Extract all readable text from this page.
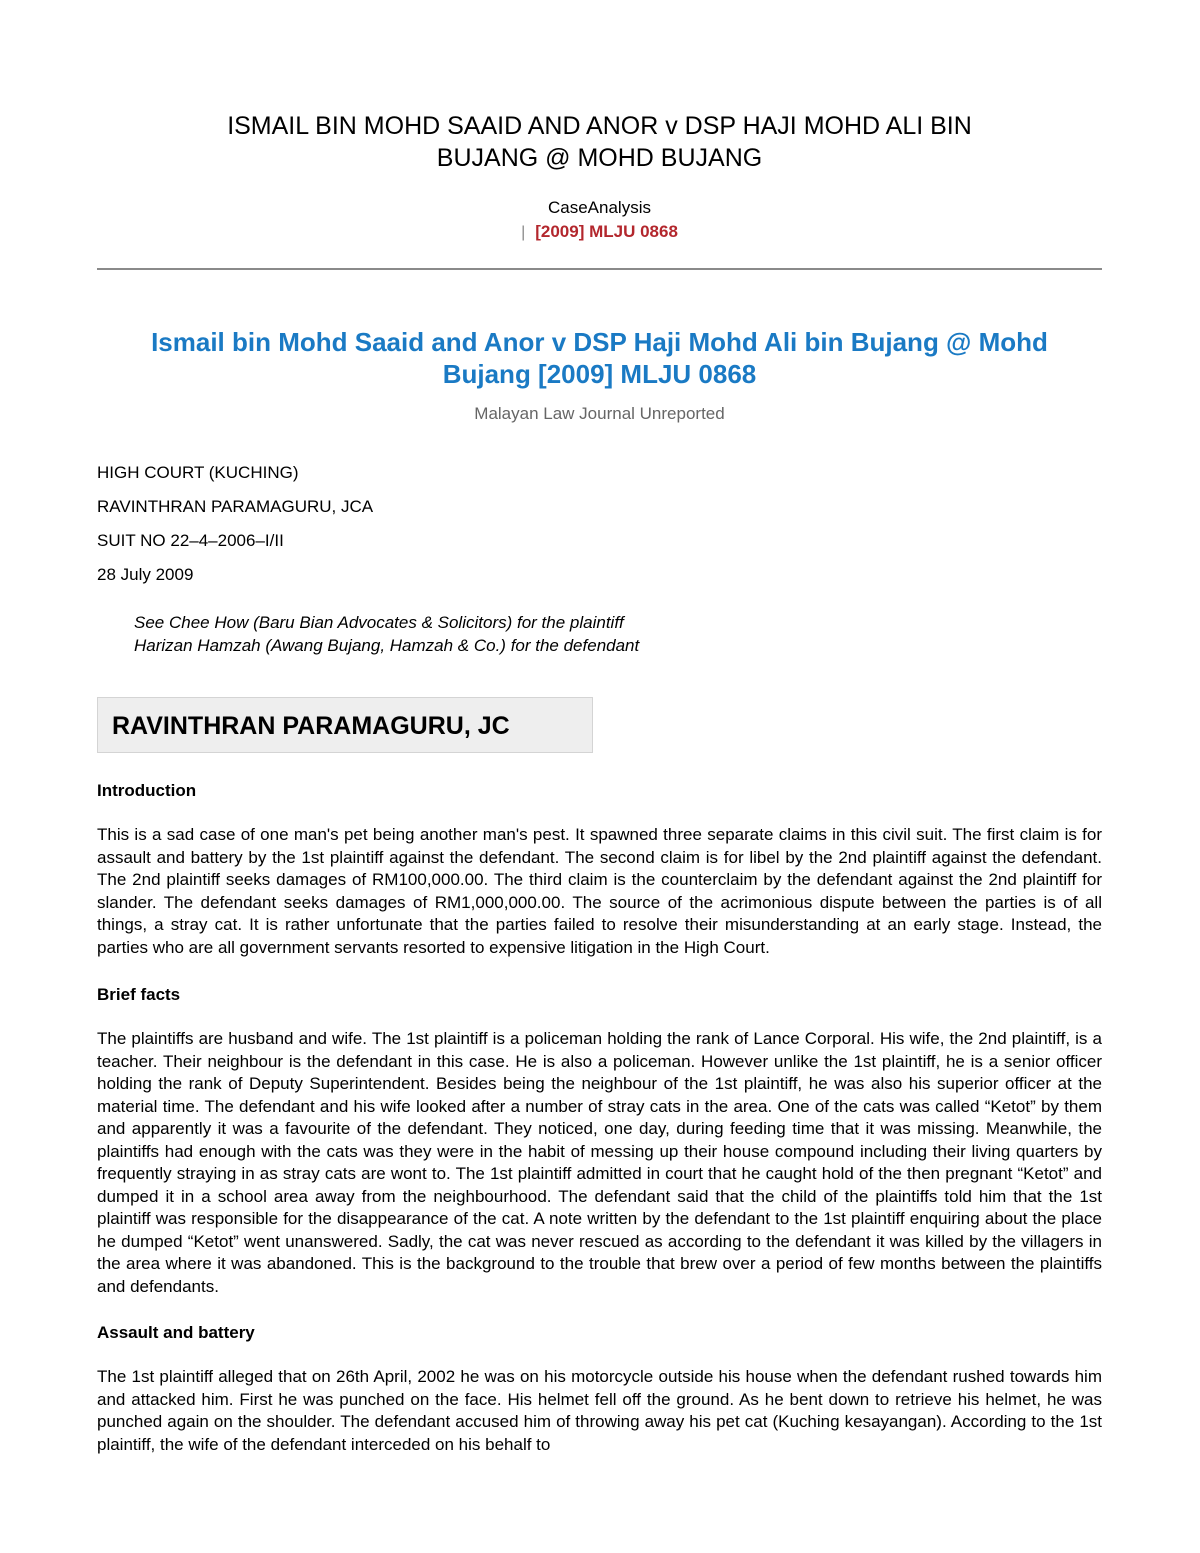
ISMAIL BIN MOHD SAAID AND ANOR v DSP HAJI MOHD ALI BIN
BUJANG @ MOHD BUJANG
CaseAnalysis
| [2009] MLJU 0868
Ismail bin Mohd Saaid and Anor v DSP Haji Mohd Ali bin Bujang @ Mohd
Bujang [2009] MLJU 0868
Malayan Law Journal Unreported
HIGH COURT (KUCHING)
RAVINTHRAN PARAMAGURU, JCA
SUIT NO 22–4–2006–I/II
28 July 2009
See Chee How (Baru Bian Advocates & Solicitors) for the plaintiff
Harizan Hamzah (Awang Bujang, Hamzah & Co.) for the defendant
RAVINTHRAN PARAMAGURU, JC
Introduction

This is a sad case of one man's pet being another man's pest. It spawned three separate claims in this civil suit. The first claim is for assault and battery by the 1st plaintiff against the defendant. The second claim is for libel by the 2nd plaintiff against the defendant. The 2nd plaintiff seeks damages of RM100,000.00. The third claim is the counterclaim by the defendant against the 2nd plaintiff for slander. The defendant seeks damages of RM1,000,000.00. The source of the acrimonious dispute between the parties is of all things, a stray cat. It is rather unfortunate that the parties failed to resolve their misunderstanding at an early stage. Instead, the parties who are all government servants resorted to expensive litigation in the High Court.

Brief facts

The plaintiffs are husband and wife. The 1st plaintiff is a policeman holding the rank of Lance Corporal. His wife, the 2nd plaintiff, is a teacher. Their neighbour is the defendant in this case. He is also a policeman. However unlike the 1st plaintiff, he is a senior officer holding the rank of Deputy Superintendent. Besides being the neighbour of the 1st plaintiff, he was also his superior officer at the material time. The defendant and his wife looked after a number of stray cats in the area. One of the cats was called “Ketot” by them and apparently it was a favourite of the defendant. They noticed, one day, during feeding time that it was missing. Meanwhile, the plaintiffs had enough with the cats was they were in the habit of messing up their house compound including their living quarters by frequently straying in as stray cats are wont to. The 1st plaintiff admitted in court that he caught hold of the then pregnant “Ketot” and dumped it in a school area away from the neighbourhood. The defendant said that the child of the plaintiffs told him that the 1st plaintiff was responsible for the disappearance of the cat. A note written by the defendant to the 1st plaintiff enquiring about the place he dumped “Ketot” went unanswered. Sadly, the cat was never rescued as according to the defendant it was killed by the villagers in the area where it was abandoned. This is the background to the trouble that brew over a period of few months between the plaintiffs and defendants.

Assault and battery

The 1st plaintiff alleged that on 26th April, 2002 he was on his motorcycle outside his house when the defendant rushed towards him and attacked him. First he was punched on the face. His helmet fell off the ground. As he bent down to retrieve his helmet, he was punched again on the shoulder. The defendant accused him of throwing away his pet cat (Kuching kesayangan). According to the 1st plaintiff, the wife of the defendant interceded on his behalf to
